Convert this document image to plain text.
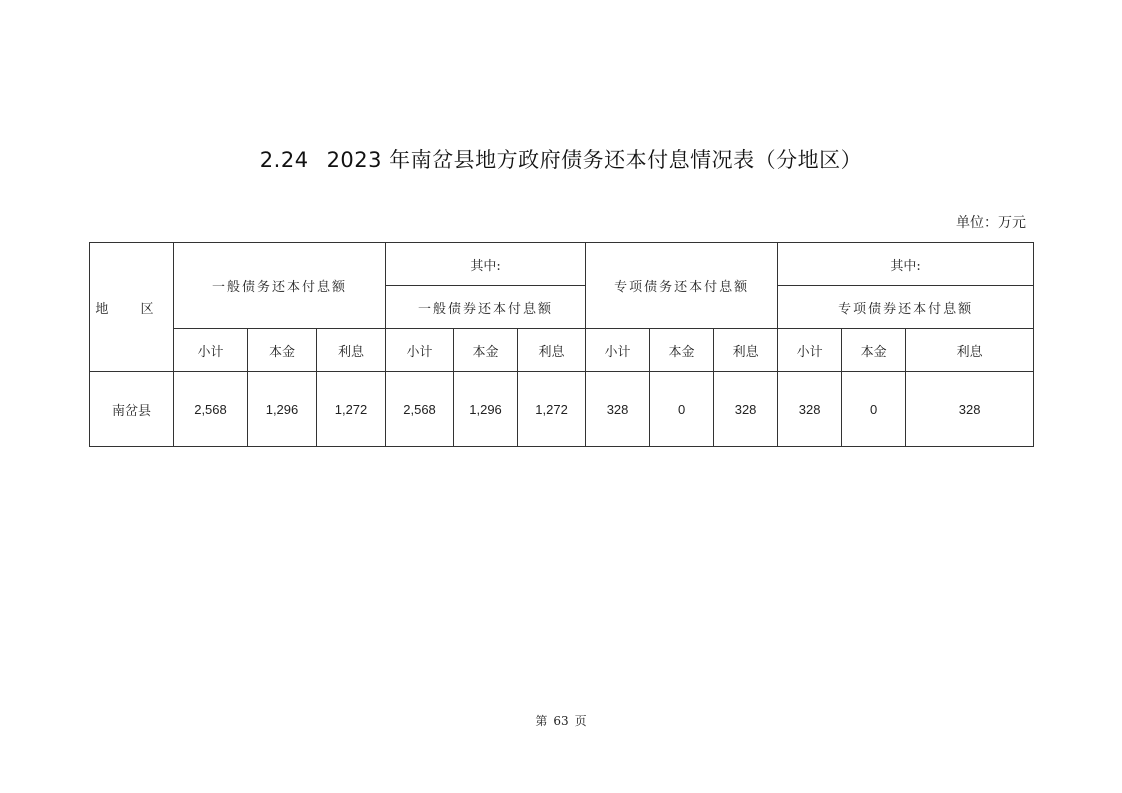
2.24 2023 年南岔县地方政府债务还本付息情况表（分地区）
单位：万元
地 区	一般债务还本付息额			其中:			专项债务还本付息额			其中:		
				一般债券还本付息额						专项债券还本付息额		
	小计	本金	利息	小计	本金	利息	小计	本金	利息	小计	本金	利息
南岔县	2,568	1,296	1,272	2,568	1,296	1,272	328	0	328	328	0	328
第 63 页
